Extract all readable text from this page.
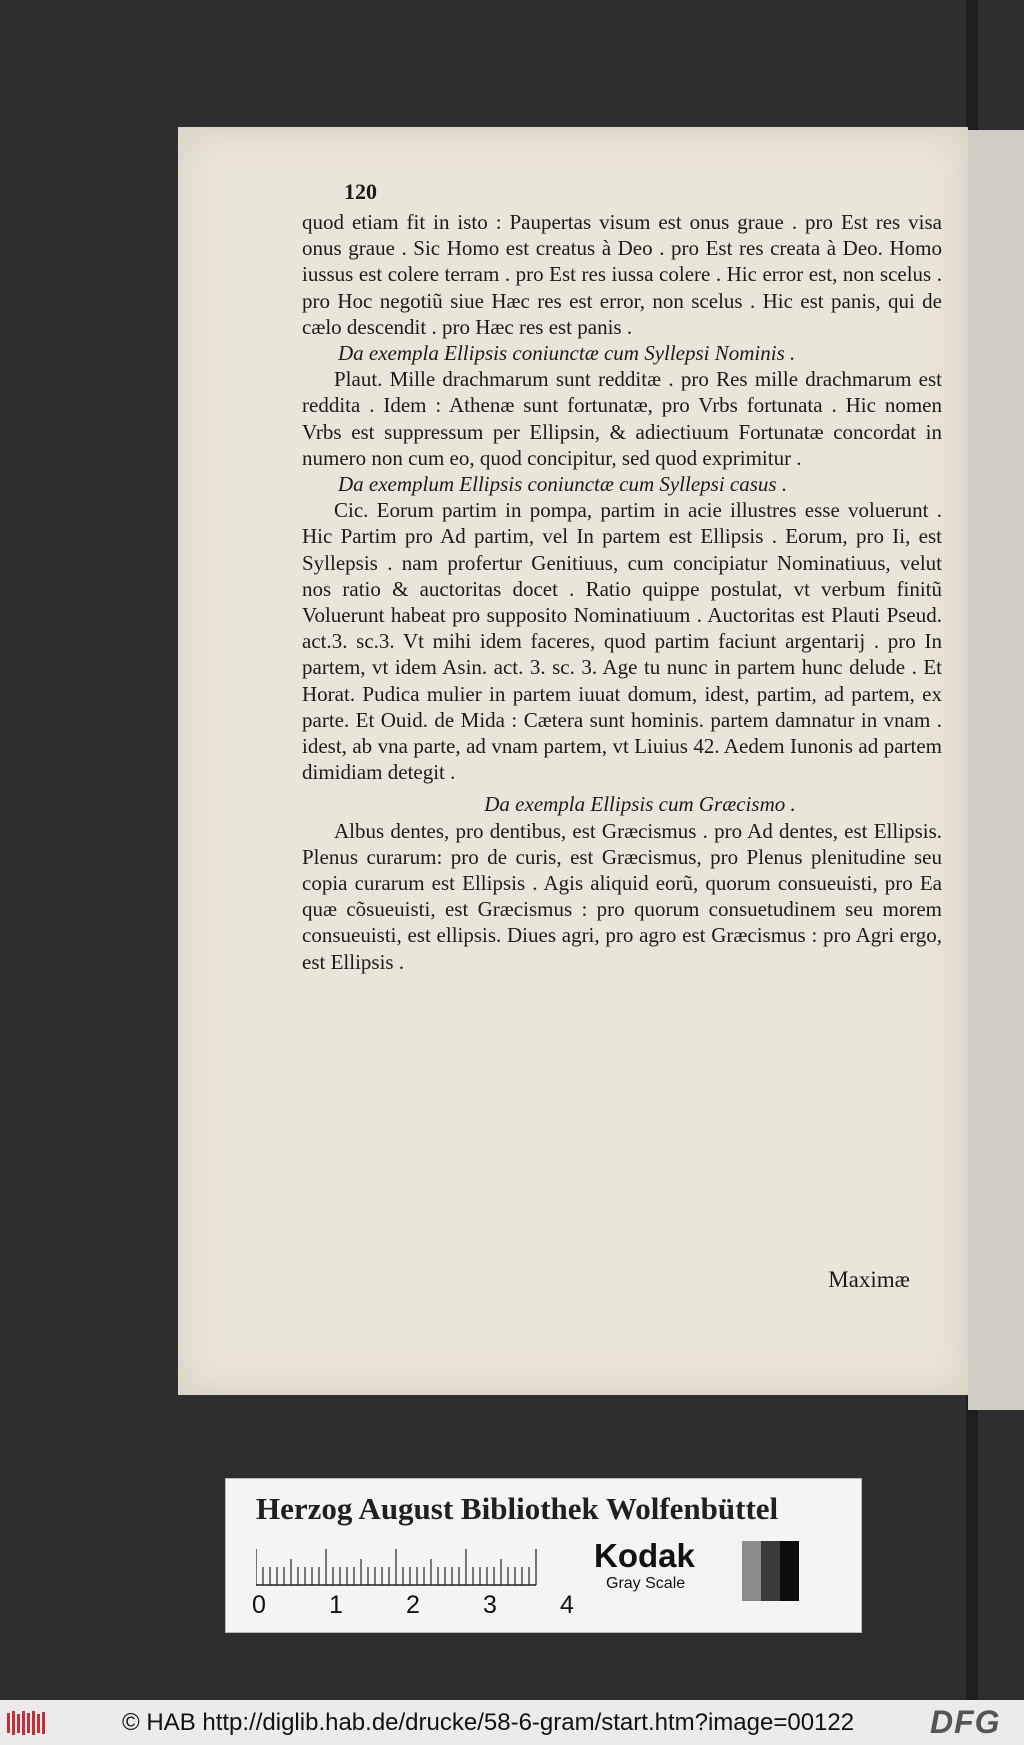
120
quod etiam fit in isto : Paupertas visum est onus graue . pro Est res visa onus graue . Sic Homo est creatus à Deo . pro Est res creata à Deo. Homo iussus est colere terram . pro Est res iussa colere . Hic error est, non scelus . pro Hoc negotiũ siue Hæc res est error, non scelus . Hic est panis, qui de cælo descendit . pro Hæc res est panis .
Da exempla Ellipsis coniunctæ cum Syllepsi Nominis .
Plaut. Mille drachmarum sunt redditæ . pro Res mille drachmarum est reddita . Idem : Athenæ sunt fortunatæ, pro Vrbs fortunata . Hic nomen Vrbs est suppressum per Ellipsin, & adiectiuum Fortunatæ concordat in numero non cum eo, quod concipitur, sed quod exprimitur .
Da exemplum Ellipsis coniunctæ cum Syllepsi casus .
Cic. Eorum partim in pompa, partim in acie illustres esse voluerunt . Hic Partim pro Ad partim, vel In partem est Ellipsis . Eorum, pro Ii, est Syllepsis . nam profertur Genitiuus, cum concipiatur Nominatiuus, velut nos ratio & auctoritas docet . Ratio quippe postulat, vt verbum finitũ Voluerunt habeat pro supposito Nominatiuum . Auctoritas est Plauti Pseud. act.3. sc.3. Vt mihi idem faceres, quod partim faciunt argentarij . pro In partem, vt idem Asin. act. 3. sc. 3. Age tu nunc in partem hunc delude . Et Horat. Pudica mulier in partem iuuat domum, idest, partim, ad partem, ex parte. Et Ouid. de Mida : Cætera sunt hominis. partem damnatur in vnam . idest, ab vna parte, ad vnam partem, vt Liuius 42. Aedem Iunonis ad partem dimidiam detegit .
Da exempla Ellipsis cum Græcismo .
Albus dentes, pro dentibus, est Græcismus . pro Ad dentes, est Ellipsis. Plenus curarum: pro de curis, est Græcismus, pro Plenus plenitudine seu copia curarum est Ellipsis . Agis aliquid eorũ, quorum consueuisti, pro Ea quæ cõsueuisti, est Græcismus : pro quorum consuetudinem seu morem consueuisti, est ellipsis. Diues agri, pro agro est Græcismus : pro Agri ergo, est Ellipsis .
Maximæ
Herzog August Bibliothek Wolfenbüttel
0	1	2	3	4
Kodak
Gray Scale
© HAB http://diglib.hab.de/drucke/58-6-gram/start.htm?image=00122 DFG
